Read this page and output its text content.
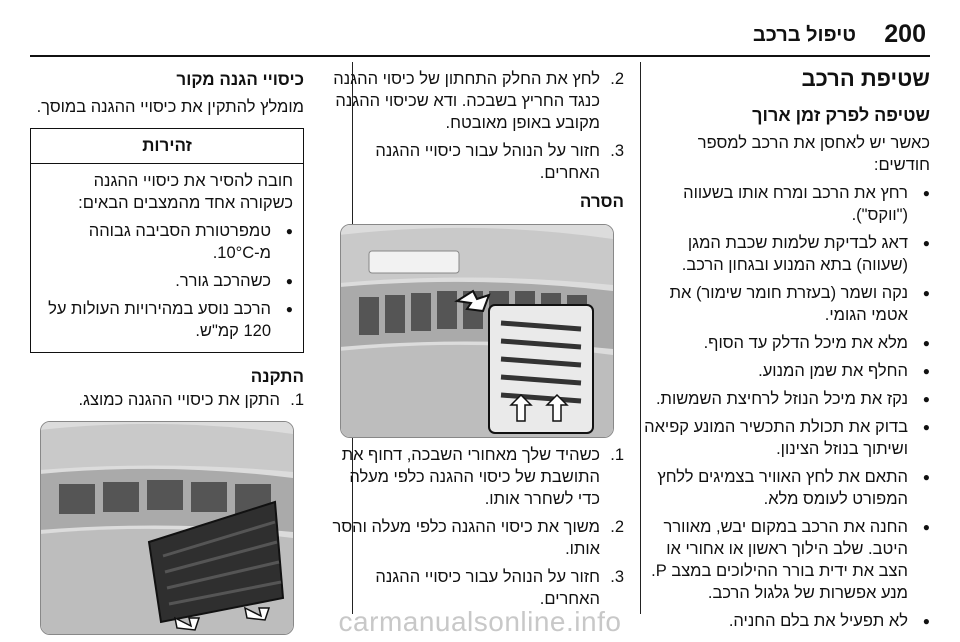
200
טיפול ברכב
שטיפת הרכב
שטיפה לפרק זמן ארוך
כאשר יש לאחסן את הרכב למספר חודשים:
● רחץ את הרכב ומרח אותו בשעווה ("ווקס").
● דאג לבדיקת שלמות שכבת המגן (שעווה) בתא המנוע ובגחון הרכב.
● נקה ושמר (בעזרת חומר שימור) את אטמי הגומי.
● מלא את מיכל הדלק עד הסוף.
● החלף את שמן המנוע.
● נקז את מיכל הנוזל לרחיצת השמשות.
● בדוק את תכולת התכשיר המונע קפיאה ושיתוך בנוזל הצינון.
● התאם את לחץ האוויר בצמיגים ללחץ המפורט לעומס מלא.
● החנה את הרכב במקום יבש, מאוורר היטב. שלב הילוך ראשון או אחורי או הצב את ידית בורר ההילוכים במצב P. מנע אפשרות של גלגול הרכב.
● לא תפעיל את בלם החניה.
2.
לחץ את החלק התחתון של כיסוי ההגנה כנגד החריץ בשבכה. ודא שכיסוי ההגנה מקובע באופן מאובטח.
3.
חזור על הנוהל עבור כיסויי ההגנה האחרים.
הסרה
1.
כשהיד שלך מאחורי השבכה, דחוף את התושבת של כיסוי ההגנה כלפי מעלה כדי לשחרר אותו.
2.
משוך את כיסוי ההגנה כלפי מעלה והסר אותו.
3.
חזור על הנוהל עבור כיסויי ההגנה האחרים.
כיסויי הגנה מקור
מומלץ להתקין את כיסויי ההגנה במוסך.
זהירות
חובה להסיר את כיסויי ההגנה כשקורה אחד מהמצבים הבאים:
● טמפרטורת הסביבה גבוהה מ-10°C.
● כשהרכב גורר.
● הרכב נוסע במהירויות העולות על 120 קמ"ש.
התקנה
1.
התקן את כיסויי ההגנה כמוצג.
carmanualsonline.info
